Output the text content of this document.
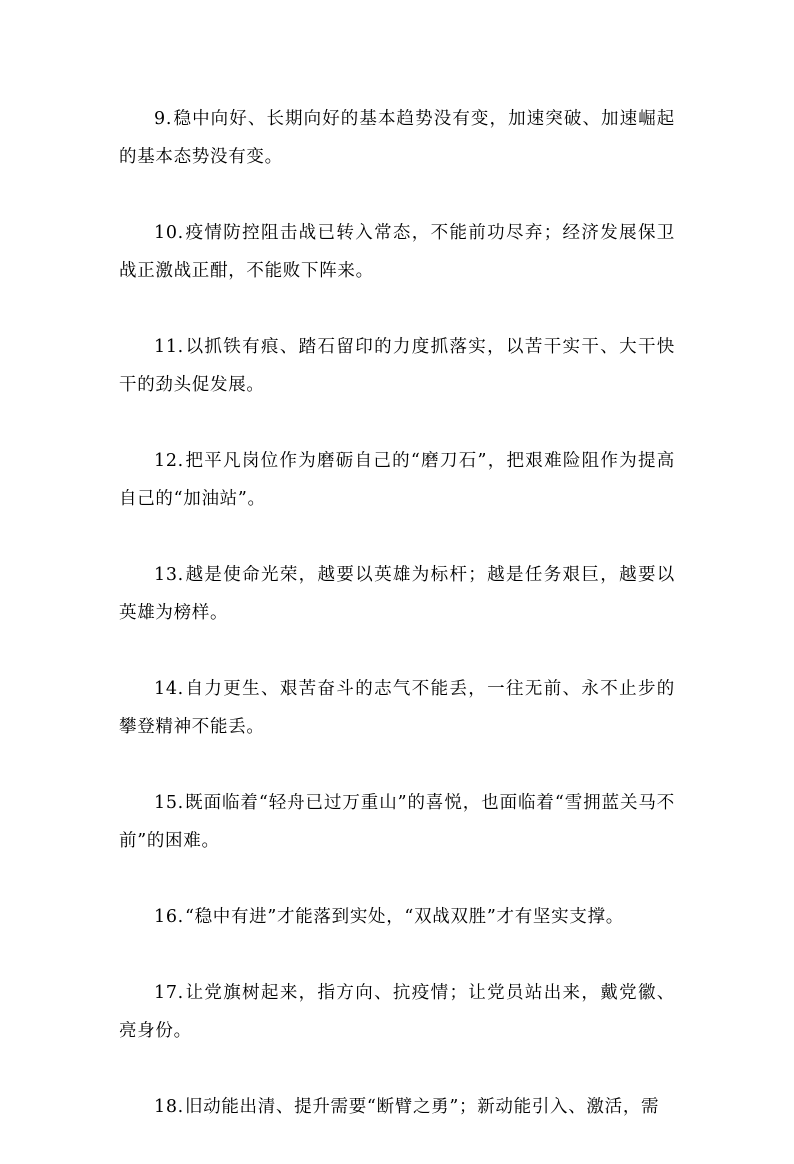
9.稳中向好、长期向好的基本趋势没有变，加速突破、加速崛起的基本态势没有变。

10.疫情防控阻击战已转入常态，不能前功尽弃；经济发展保卫战正激战正酣，不能败下阵来。

11.以抓铁有痕、踏石留印的力度抓落实，以苦干实干、大干快干的劲头促发展。

12.把平凡岗位作为磨砺自己的“磨刀石”，把艰难险阻作为提高自己的“加油站”。

13.越是使命光荣，越要以英雄为标杆；越是任务艰巨，越要以英雄为榜样。

14.自力更生、艰苦奋斗的志气不能丢，一往无前、永不止步的攀登精神不能丢。

15.既面临着“轻舟已过万重山”的喜悦，也面临着“雪拥蓝关马不前”的困难。

16.“稳中有进”才能落到实处，“双战双胜”才有坚实支撑。

17.让党旗树起来，指方向、抗疫情；让党员站出来，戴党徽、亮身份。

18.旧动能出清、提升需要“断臂之勇”；新动能引入、激活，需
